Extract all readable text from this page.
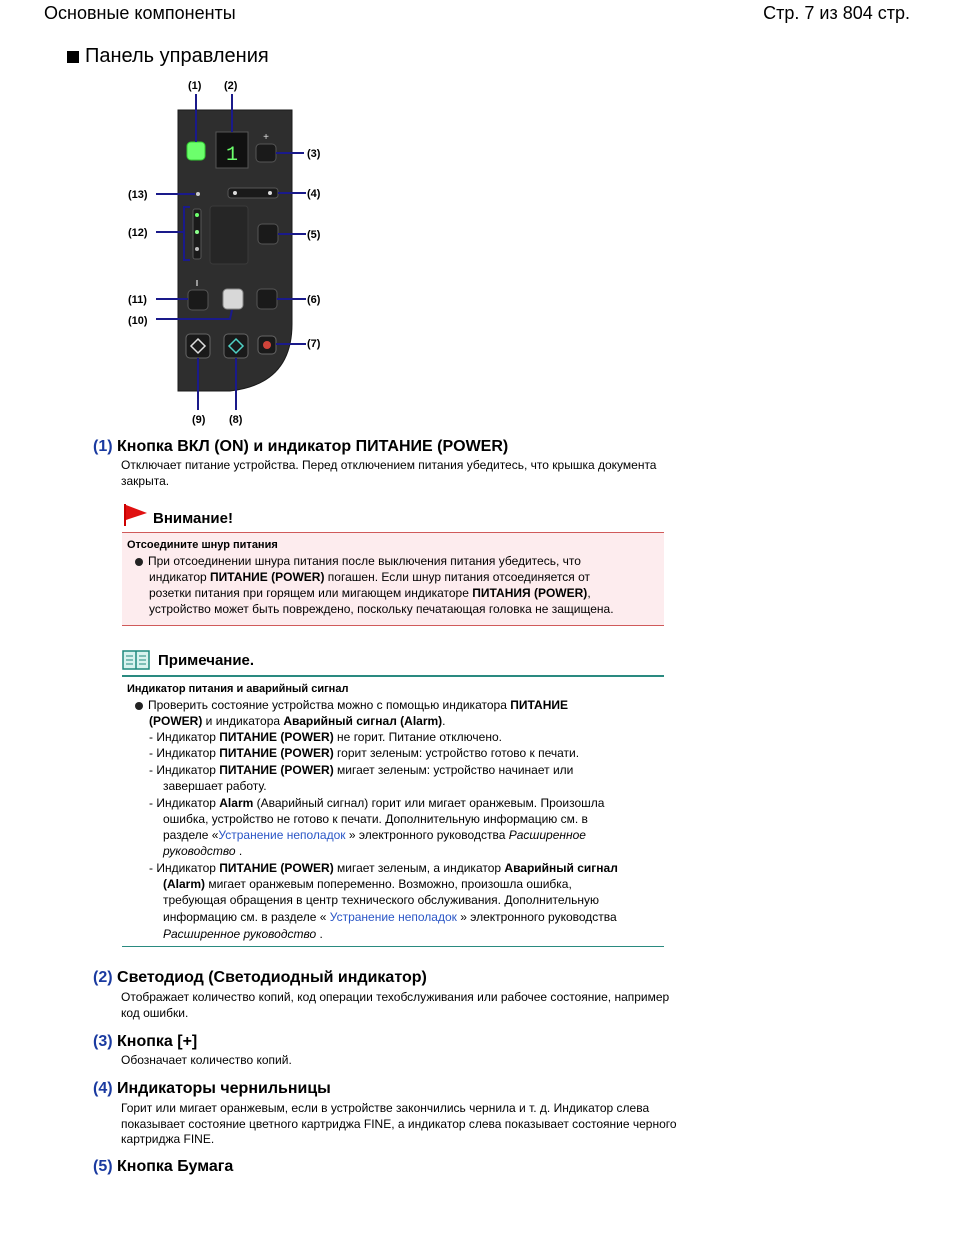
Основные компоненты	Стр. 7 из 804 стр.
Панель управления
1
+
‖
(1) (2)
(3)
(4)
(5)
(6)
(7)
(8)
(9)
(10)
(11)
(12)
(13)
(1) Кнопка ВКЛ (ON) и индикатор ПИТАНИЕ (POWER)
Отключает питание устройства. Перед отключением питания убедитесь, что крышка документа
закрыта.
Внимание!
Отсоедините шнур питания
При отсоединении шнура питания после выключения питания убедитесь, что
индикатор ПИТАНИЕ (POWER) погашен. Если шнур питания отсоединяется от
розетки питания при горящем или мигающем индикаторе ПИТАНИЯ (POWER),
устройство может быть повреждено, поскольку печатающая головка не защищена.
Примечание.
Индикатор питания и аварийный сигнал
Проверить состояние устройства можно с помощью индикатора ПИТАНИЕ
(POWER) и индикатора Аварийный сигнал (Alarm).
- Индикатор ПИТАНИЕ (POWER) не горит. Питание отключено.
- Индикатор ПИТАНИЕ (POWER) горит зеленым: устройство готово к печати.
- Индикатор ПИТАНИЕ (POWER) мигает зеленым: устройство начинает или
завершает работу.
- Индикатор Alarm (Аварийный сигнал) горит или мигает оранжевым. Произошла
ошибка, устройство не готово к печати. Дополнительную информацию см. в
разделе «Устранение неполадок » электронного руководства Расширенное
руководство .
- Индикатор ПИТАНИЕ (POWER) мигает зеленым, а индикатор Аварийный сигнал
(Alarm) мигает оранжевым попеременно. Возможно, произошла ошибка,
требующая обращения в центр технического обслуживания. Дополнительную
информацию см. в разделе « Устранение неполадок » электронного руководства
Расширенное руководство .
(2) Светодиод (Светодиодный индикатор)
Отображает количество копий, код операции техобслуживания или рабочее состояние, например
код ошибки.
(3) Кнопка [+]
Обозначает количество копий.
(4) Индикаторы чернильницы
Горит или мигает оранжевым, если в устройстве закончились чернила и т. д. Индикатор слева
показывает состояние цветного картриджа FINE, а индикатор слева показывает состояние черного
картриджа FINE.
(5) Кнопка Бумага
